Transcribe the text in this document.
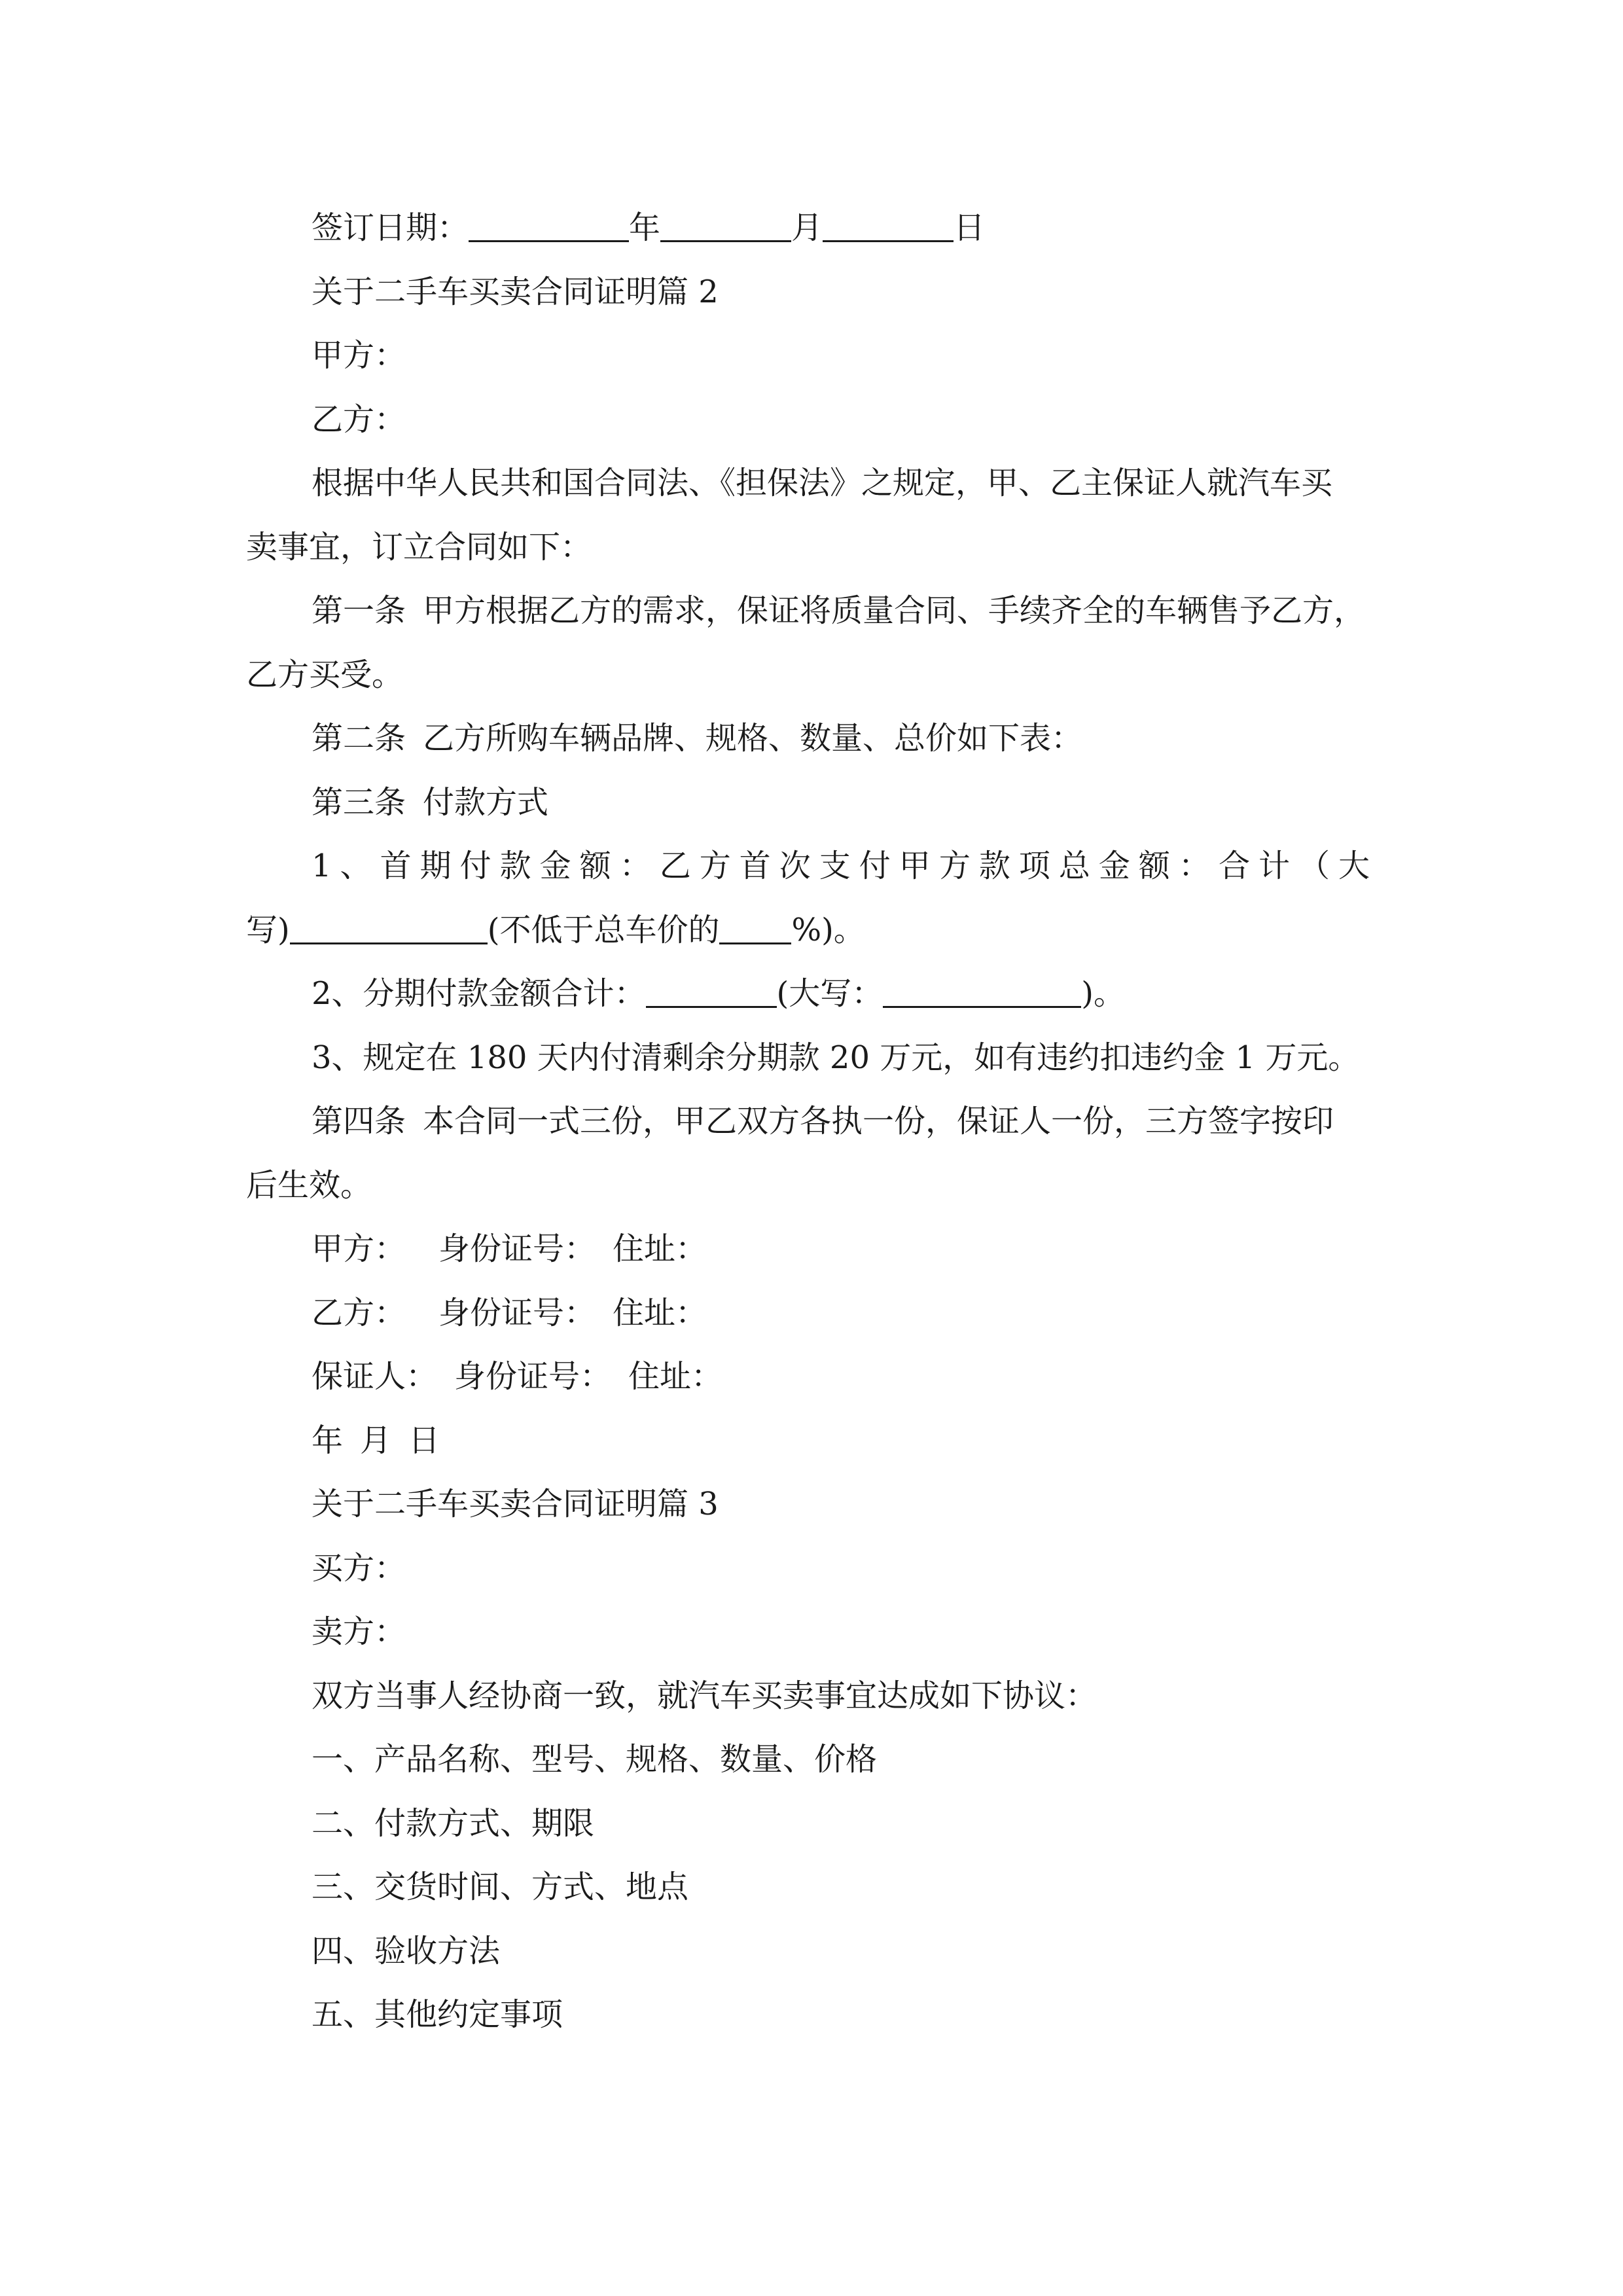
签订日期：	年	月	日
关于二手车买卖合同证明篇 2
甲方：
乙方：
根据中华人民共和国合同法、《担保法》之规定，甲、乙主保证人就汽车买
卖事宜，订立合同如下：
第一条 甲方根据乙方的需求，保证将质量合同、手续齐全的车辆售予乙方，
乙方买受。
第二条 乙方所购车辆品牌、规格、数量、总价如下表：
第三条 付款方式
1、首期付款金额：乙方首次支付甲方款项总金额：合计（大
写)	(不低于总车价的 %)。
2、分期付款金额合计：	(大写：	)。
3、规定在 180 天内付清剩余分期款 20 万元，如有违约扣违约金 1 万元。
第四条 本合同一式三份，甲乙双方各执一份，保证人一份，三方签字按印
后生效。
甲方： 身份证号： 住址：
乙方： 身份证号： 住址：
保证人： 身份证号： 住址：
年 月 日
关于二手车买卖合同证明篇 3
买方：
卖方：
双方当事人经协商一致，就汽车买卖事宜达成如下协议：
一、产品名称、型号、规格、数量、价格
二、付款方式、期限
三、交货时间、方式、地点
四、验收方法
五、其他约定事项
